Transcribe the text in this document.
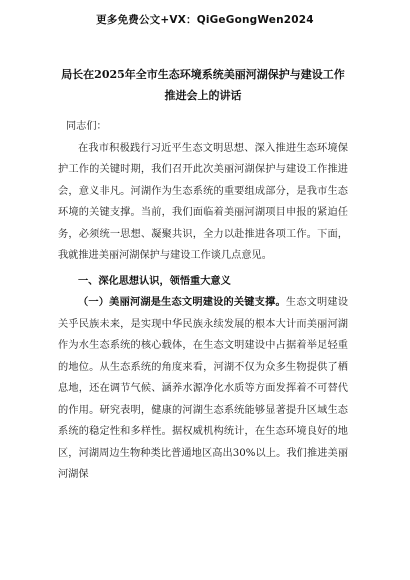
更多免费公文+VX：QiGeGongWen2024
局长在2025年全市生态环境系统美丽河湖保护与建设工作
推进会上的讲话

同志们：

在我市积极践行习近平生态文明思想、深入推进生态环境保护工作的关键时期，我们召开此次美丽河湖保护与建设工作推进会，意义非凡。河湖作为生态系统的重要组成部分，是我市生态环境的关键支撑。当前，我们面临着美丽河湖项目申报的紧迫任务，必须统一思想、凝聚共识，全力以赴推进各项工作。下面，我就推进美丽河湖保护与建设工作谈几点意见。

一、深化思想认识，领悟重大意义

（一）美丽河湖是生态文明建设的关键支撑。生态文明建设关乎民族未来，是实现中华民族永续发展的根本大计而美丽河湖作为水生态系统的核心载体，在生态文明建设中占据着举足轻重的地位。从生态系统的角度来看，河湖不仅为众多生物提供了栖息地，还在调节气候、涵养水源净化水质等方面发挥着不可替代的作用。研究表明，健康的河湖生态系统能够显著提升区域生态系统的稳定性和多样性。据权威机构统计，在生态环境良好的地区，河湖周边生物种类比普通地区高出30%以上。我们推进美丽河湖保
